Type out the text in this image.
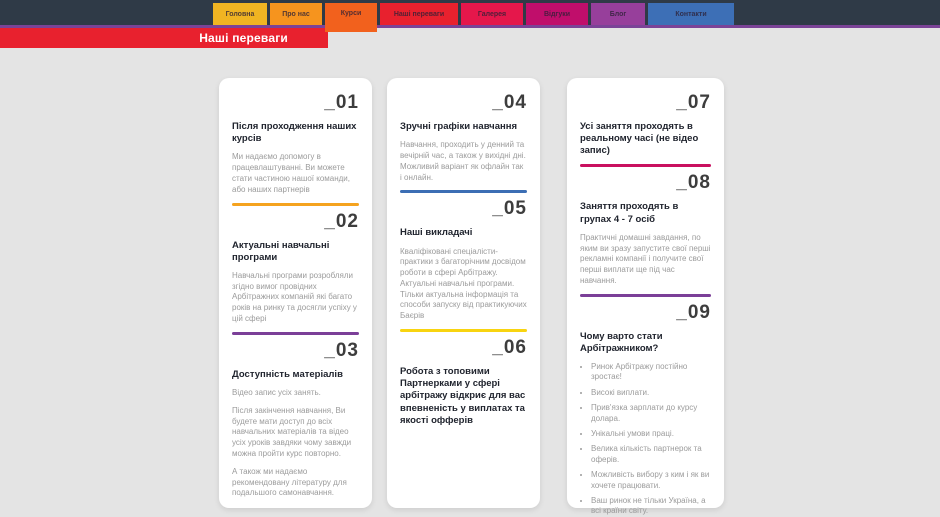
Головна	Про нас	Курси	Наші переваги	Галерея	Відгуки	Блог	Контакти
Наші переваги
_01
Після проходження наших курсів

Ми надаємо допомогу в працевлаштуванні. Ви можете стати частиною нашої команди, або наших партнерів

_02
Актуальні навчальні програми

Навчальні програми розробляли згідно вимог провідних Арбітражних компаній які багато років на ринку та досягли успіху у цій сфері

_03
Доступність матеріалів

Відео запис усіх занять.

Після закінчення навчання, Ви будете мати доступ до всіх навчальних матеріалів та відео усіх уроків завдяки чому завжди можна пройти курс повторно.

А також ми надаємо рекомендовану літературу для подальшого самонавчання.

_04
Зручні графіки навчання

Навчання, проходить у денний та вечірній час, а також у вихідні дні. Можливий варіант як офлайн так і онлайн.

_05
Наші викладачі

Кваліфіковані спеціалісти-практики з багаторічним досвідом роботи в сфері Арбітражу. Актуальні навчальні програми. Тільки актуальна інформація та способи запуску від практикуючих Баєрів

_06
Робота з топовими Партнерками у сфері арбітражу відкриє для вас впевненість у виплатах та якості офферів
_07
Усі заняття проходять в реальному часі (не відео запис)
_08
Заняття проходять в групах 4 - 7 осіб

Практичні домашні завдання, по яким ви зразу запустите свої перші рекламні компанії і получите свої перші виплати ще під час навчання.

_09
Чому варто стати Арбітражником?
• Ринок Арбітражу постійно зростає!
• Високі виплати.
• Прив'язка зарплати до курсу долара.
• Унікальні умови праці.
• Велика кількість партнерок та оферів.
• Можливість вибору з ким і як ви хочете працювати.
• Ваш ринок не тільки Україна, а всі країни світу.
